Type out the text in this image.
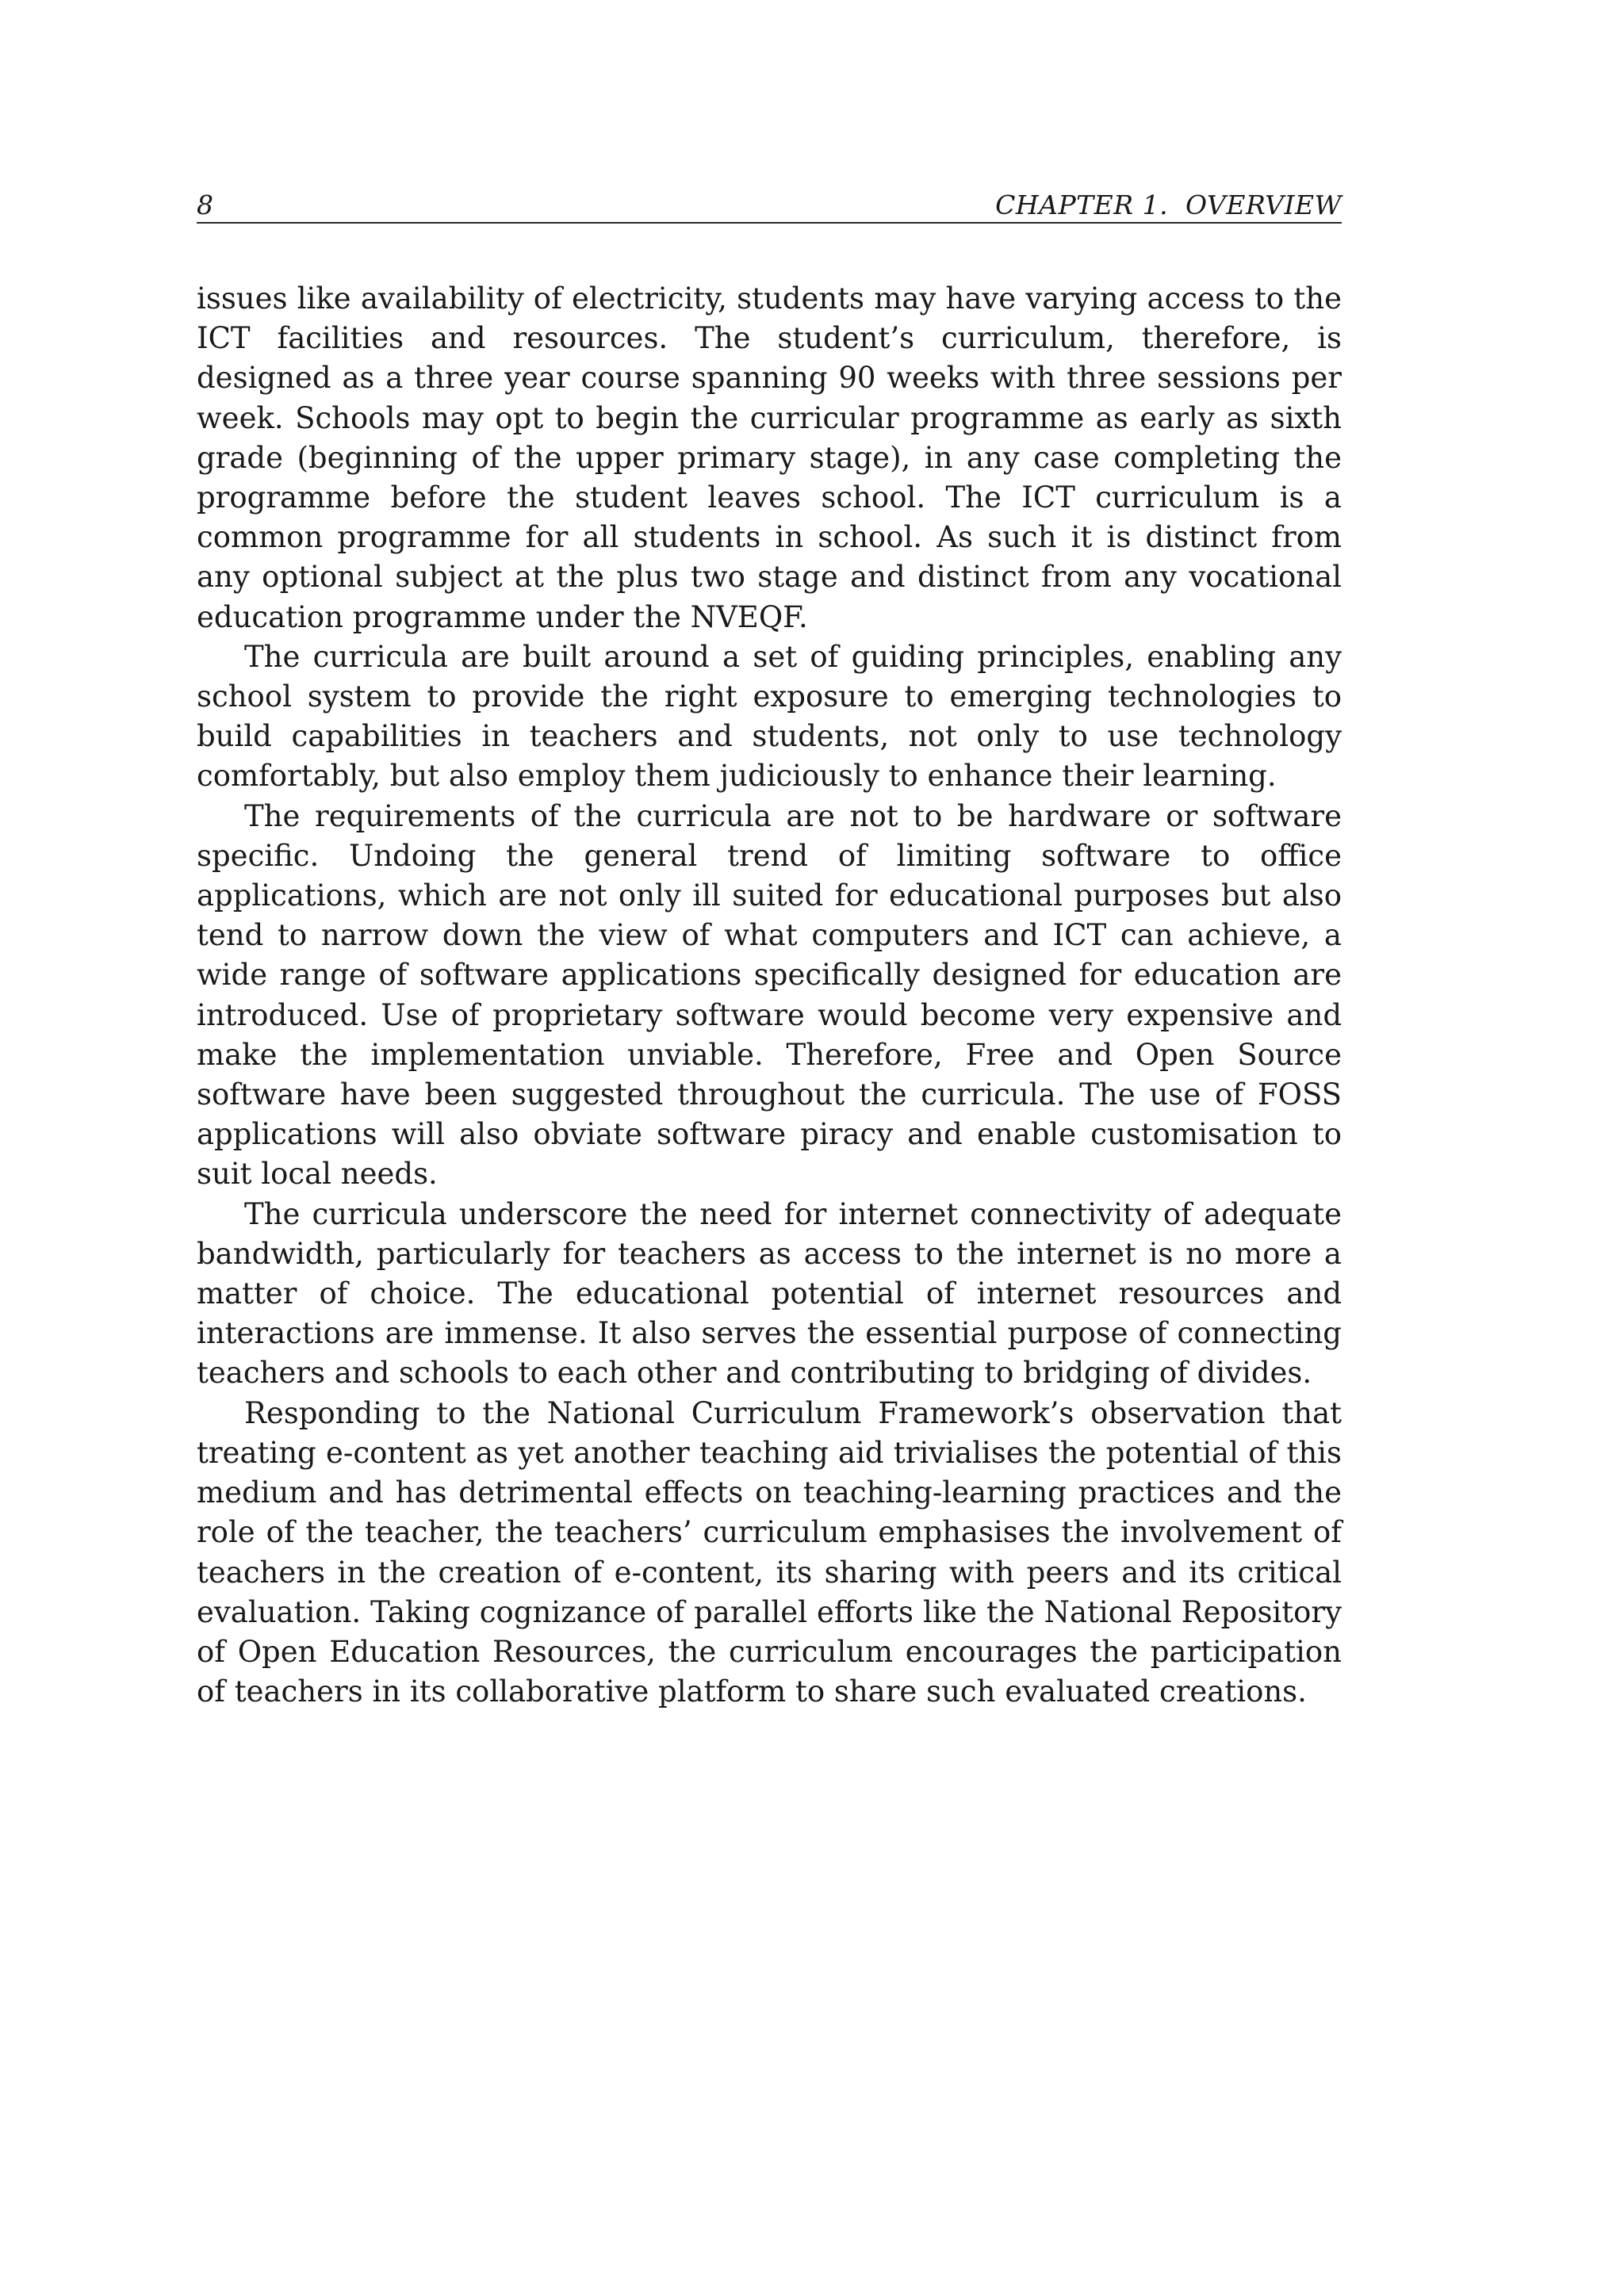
8	CHAPTER 1.  OVERVIEW

issues like availability of electricity, students may have varying access to the ICT facilities and resources. The student’s curriculum, therefore, is designed as a three year course spanning 90 weeks with three sessions per week. Schools may opt to begin the curricular programme as early as sixth grade (beginning of the upper primary stage), in any case completing the programme before the student leaves school. The ICT curriculum is a common programme for all students in school. As such it is distinct from any optional subject at the plus two stage and distinct from any vocational education programme under the NVEQF.

The curricula are built around a set of guiding principles, enabling any school system to provide the right exposure to emerging technologies to build capabilities in teachers and students, not only to use technology comfortably, but also employ them judiciously to enhance their learning.

The requirements of the curricula are not to be hardware or software specific. Undoing the general trend of limiting software to office applications, which are not only ill suited for educational purposes but also tend to narrow down the view of what computers and ICT can achieve, a wide range of software applications specifically designed for education are introduced. Use of proprietary software would become very expensive and make the implementation unviable. Therefore, Free and Open Source software have been suggested throughout the curricula. The use of FOSS applications will also obviate software piracy and enable customisation to suit local needs.

The curricula underscore the need for internet connectivity of adequate bandwidth, particularly for teachers as access to the internet is no more a matter of choice. The educational potential of internet resources and interactions are immense. It also serves the essential purpose of connecting teachers and schools to each other and contributing to bridging of divides.

Responding to the National Curriculum Framework’s observation that treating e-content as yet another teaching aid trivialises the potential of this medium and has detrimental effects on teaching-learning practices and the role of the teacher, the teachers’ curriculum emphasises the involvement of teachers in the creation of e-content, its sharing with peers and its critical evaluation. Taking cognizance of parallel efforts like the National Repository of Open Education Resources, the curriculum encourages the participation of teachers in its collaborative platform to share such evaluated creations.
